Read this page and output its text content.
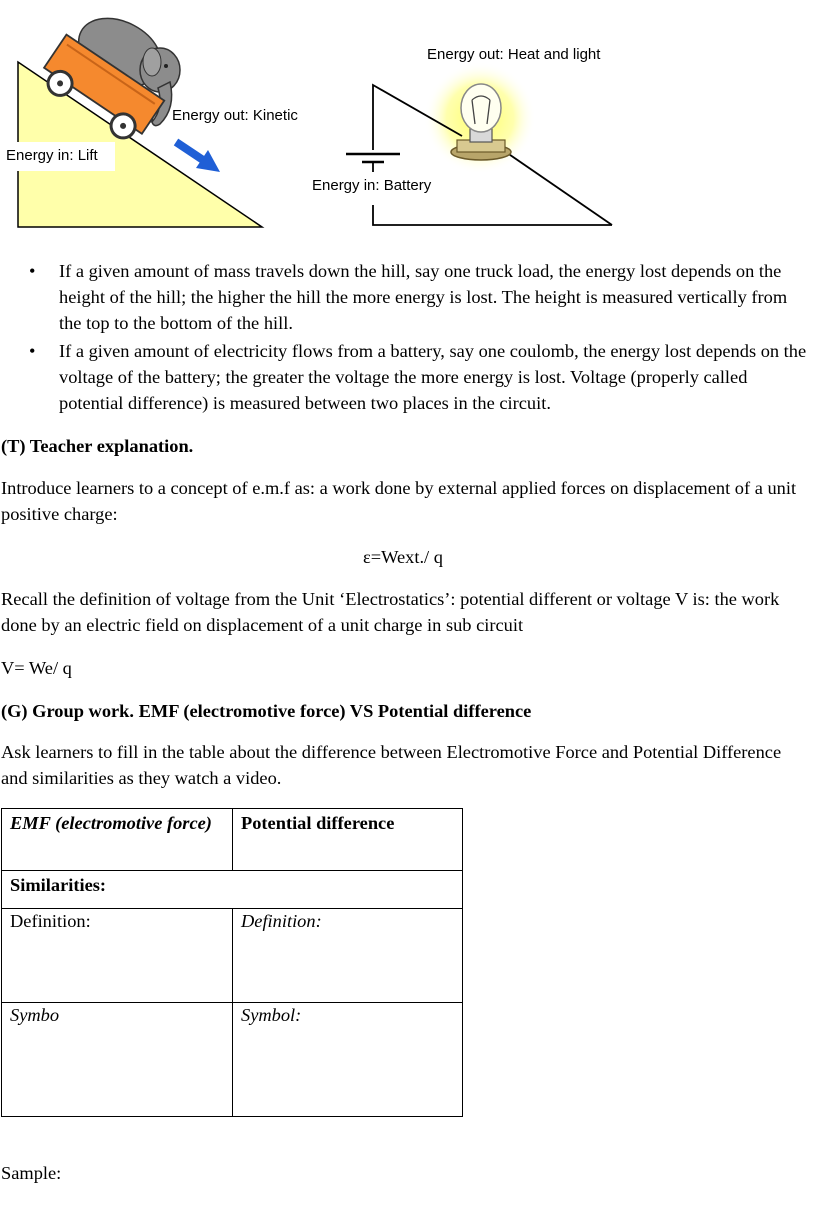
Energy in: Lift
Energy out: Kinetic
Energy out: Heat and light
Energy in: Battery
• If a given amount of mass travels down the hill, say one truck load, the energy lost depends on the height of the hill; the higher the hill the more energy is lost. The height is measured vertically from the top to the bottom of the hill.
• If a given amount of electricity flows from a battery, say one coulomb, the energy lost depends on the voltage of the battery; the greater the voltage the more energy is lost. Voltage (properly called potential difference) is measured between two places in the circuit.
(T) Teacher explanation.
Introduce learners to a concept of e.m.f as: a work done by external applied forces on displacement of a unit positive charge:
ε=Wext./ q
Recall the definition of voltage from the Unit ‘Electrostatics’: potential different or voltage V is: the work done by an electric field on displacement of a unit charge in sub circuit
V= We/ q
(G) Group work. EMF (electromotive force) VS Potential difference
Ask learners to fill in the table about the difference between Electromotive Force and Potential Difference and similarities as they watch a video.
EMF (electromotive force)	Potential difference
Similarities:	
Definition:	Definition:
Symbo	Symbol:
Sample:
